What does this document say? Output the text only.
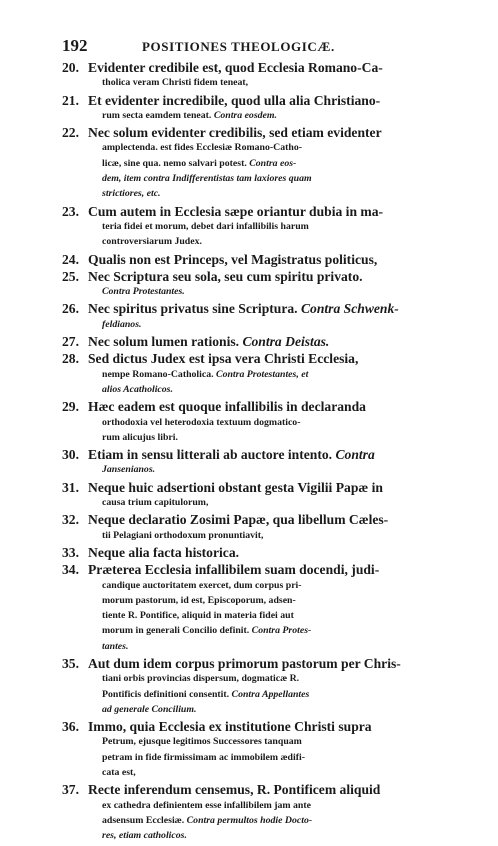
192	POSITIONES THEOLOGICÆ.
20. Evidenter credibile est, quod Ecclesia Romano-Ca-
tholica veram Christi fidem teneat,
21. Et evidenter incredibile, quod ulla alia Christiano-
rum secta eamdem teneat. Contra eosdem.
22. Nec solum evidenter credibilis, sed etiam evidenter
amplectenda. est fides Ecclesiæ Romano-Catho-
licæ, sine qua. nemo salvari potest. Contra eos-
dem, item contra Indifferentistas tam laxiores quam
strictiores, etc.
23. Cum autem in Ecclesia sæpe oriantur dubia in ma-
teria fidei et morum, debet dari infallibilis harum
controversiarum Judex.
24. Qualis non est Princeps, vel Magistratus politicus,
25. Nec Scriptura seu sola, seu cum spiritu privato.
Contra Protestantes.
26. Nec spiritus privatus sine Scriptura. Contra Schwenk-
feldianos.
27. Nec solum lumen rationis. Contra Deistas.
28. Sed dictus Judex est ipsa vera Christi Ecclesia,
nempe Romano-Catholica. Contra Protestantes, et
alios Acatholicos.
29. Hæc eadem est quoque infallibilis in declaranda
orthodoxia vel heterodoxia textuum dogmatico-
rum alicujus libri.
30. Etiam in sensu litterali ab auctore intento. Contra
Jansenianos.
31. Neque huic adsertioni obstant gesta Vigilii Papæ in
causa trium capitulorum,
32. Neque declaratio Zosimi Papæ, qua libellum Cæles-
tii Pelagiani orthodoxum pronuntiavit,
33. Neque alia facta historica.
34. Præterea Ecclesia infallibilem suam docendi, judi-
candique auctoritatem exercet, dum corpus pri-
morum pastorum, id est, Episcoporum, adsen-
tiente R. Pontifice, aliquid in materia fidei aut
morum in generali Concilio definit. Contra Protes-
tantes.
35. Aut dum idem corpus primorum pastorum per Chris-
tiani orbis provincias dispersum, dogmaticæ R.
Pontificis definitioni consentit. Contra Appellantes
ad generale Concilium.
36. Immo, quia Ecclesia ex institutione Christi supra
Petrum, ejusque legitimos Successores tanquam
petram in fide firmissimam ac immobilem ædifi-
cata est,
37. Recte inferendum censemus, R. Pontificem aliquid
ex cathedra definientem esse infallibilem jam ante
adsensum Ecclesiæ. Contra permultos hodie Docto-
res, etiam catholicos.
